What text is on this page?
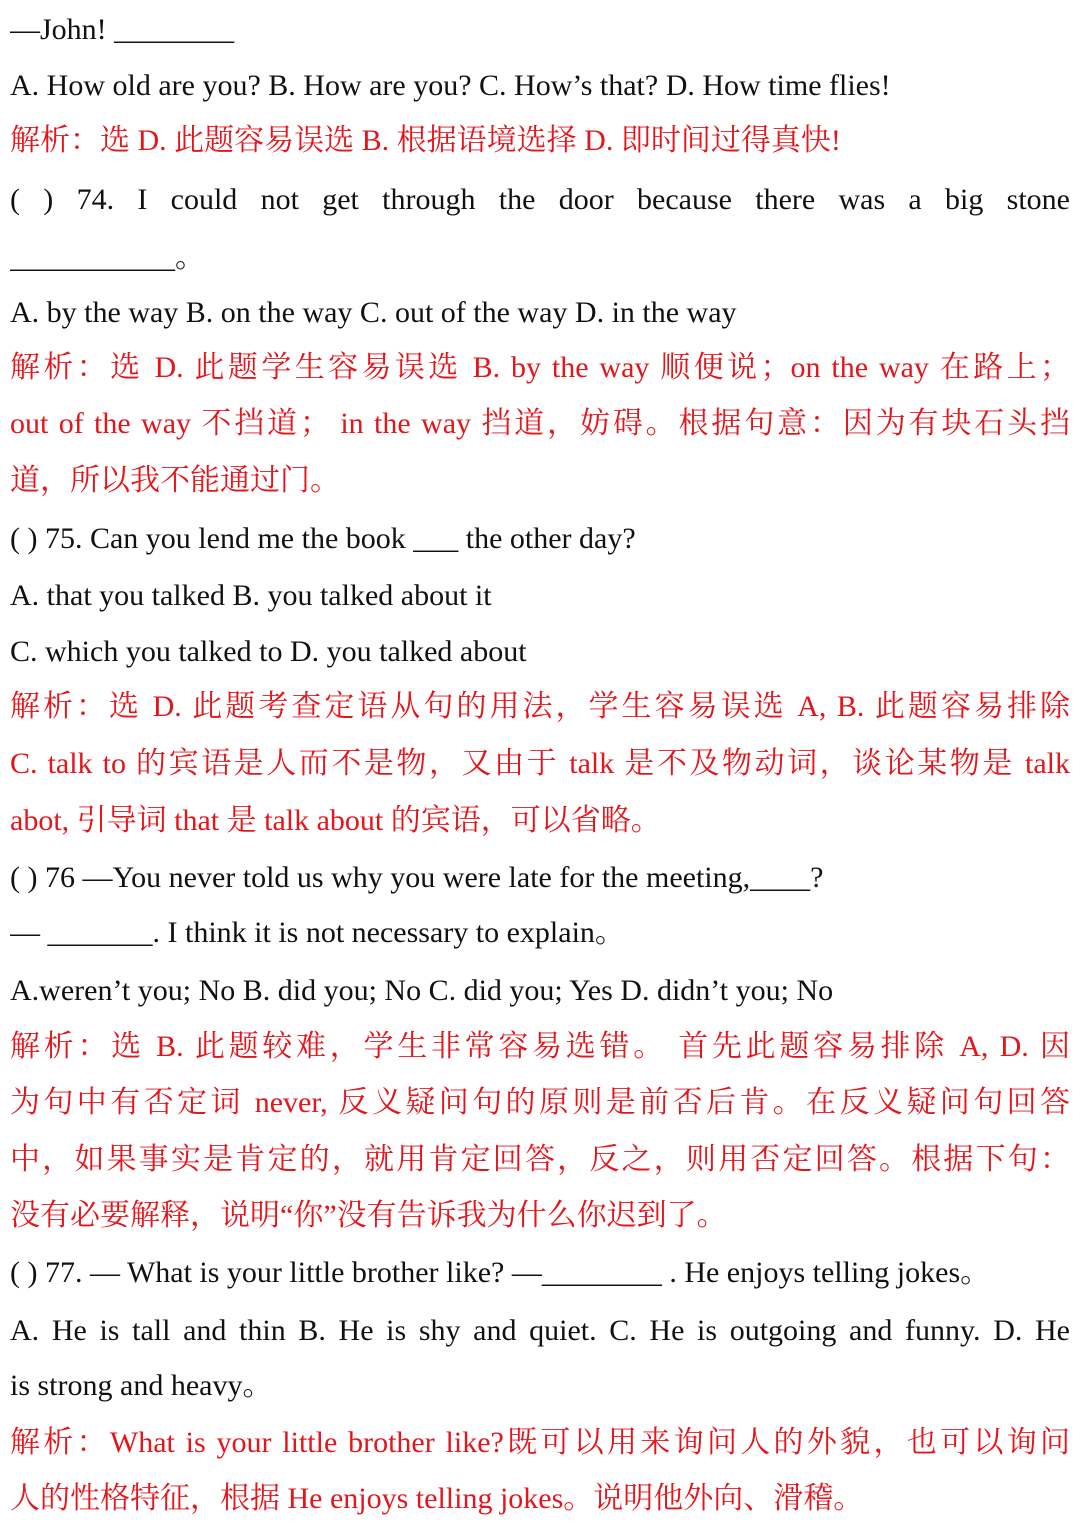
—John! ________
A. How old are you? B. How are you? C. How’s that? D. How time flies!
解析：选 D. 此题容易误选 B. 根据语境选择 D. 即时间过得真快!
( ) 74. I could not get through the door because there was a big stone
___________。
A. by the way B. on the way C. out of the way D. in the way
解析：选 D. 此题学生容易误选 B. by the way 顺便说；on the way 在路上；
out of the way 不挡道； in the way 挡道，妨碍。根据句意：因为有块石头挡
道，所以我不能通过门。
( ) 75. Can you lend me the book ___ the other day?
A. that you talked B. you talked about it
C. which you talked to D. you talked about
解析：选 D. 此题考查定语从句的用法，学生容易误选 A, B. 此题容易排除
C. talk to 的宾语是人而不是物，又由于 talk 是不及物动词，谈论某物是 talk
abot, 引导词 that 是 talk about 的宾语，可以省略。
( ) 76 —You never told us why you were late for the meeting,____?
— _______. I think it is not necessary to explain。
A.weren’t you; No B. did you; No C. did you; Yes D. didn’t you; No
解析：选 B. 此题较难，学生非常容易选错。 首先此题容易排除 A, D. 因
为句中有否定词 never, 反义疑问句的原则是前否后肯。在反义疑问句回答
中，如果事实是肯定的，就用肯定回答，反之，则用否定回答。根据下句：
没有必要解释，说明“你”没有告诉我为什么你迟到了。
( ) 77. — What is your little brother like? —________ . He enjoys telling jokes。
A. He is tall and thin B. He is shy and quiet. C. He is outgoing and funny. D. He
is strong and heavy。
解析：What is your little brother like?既可以用来询问人的外貌，也可以询问
人的性格特征，根据 He enjoys telling jokes。说明他外向、滑稽。
